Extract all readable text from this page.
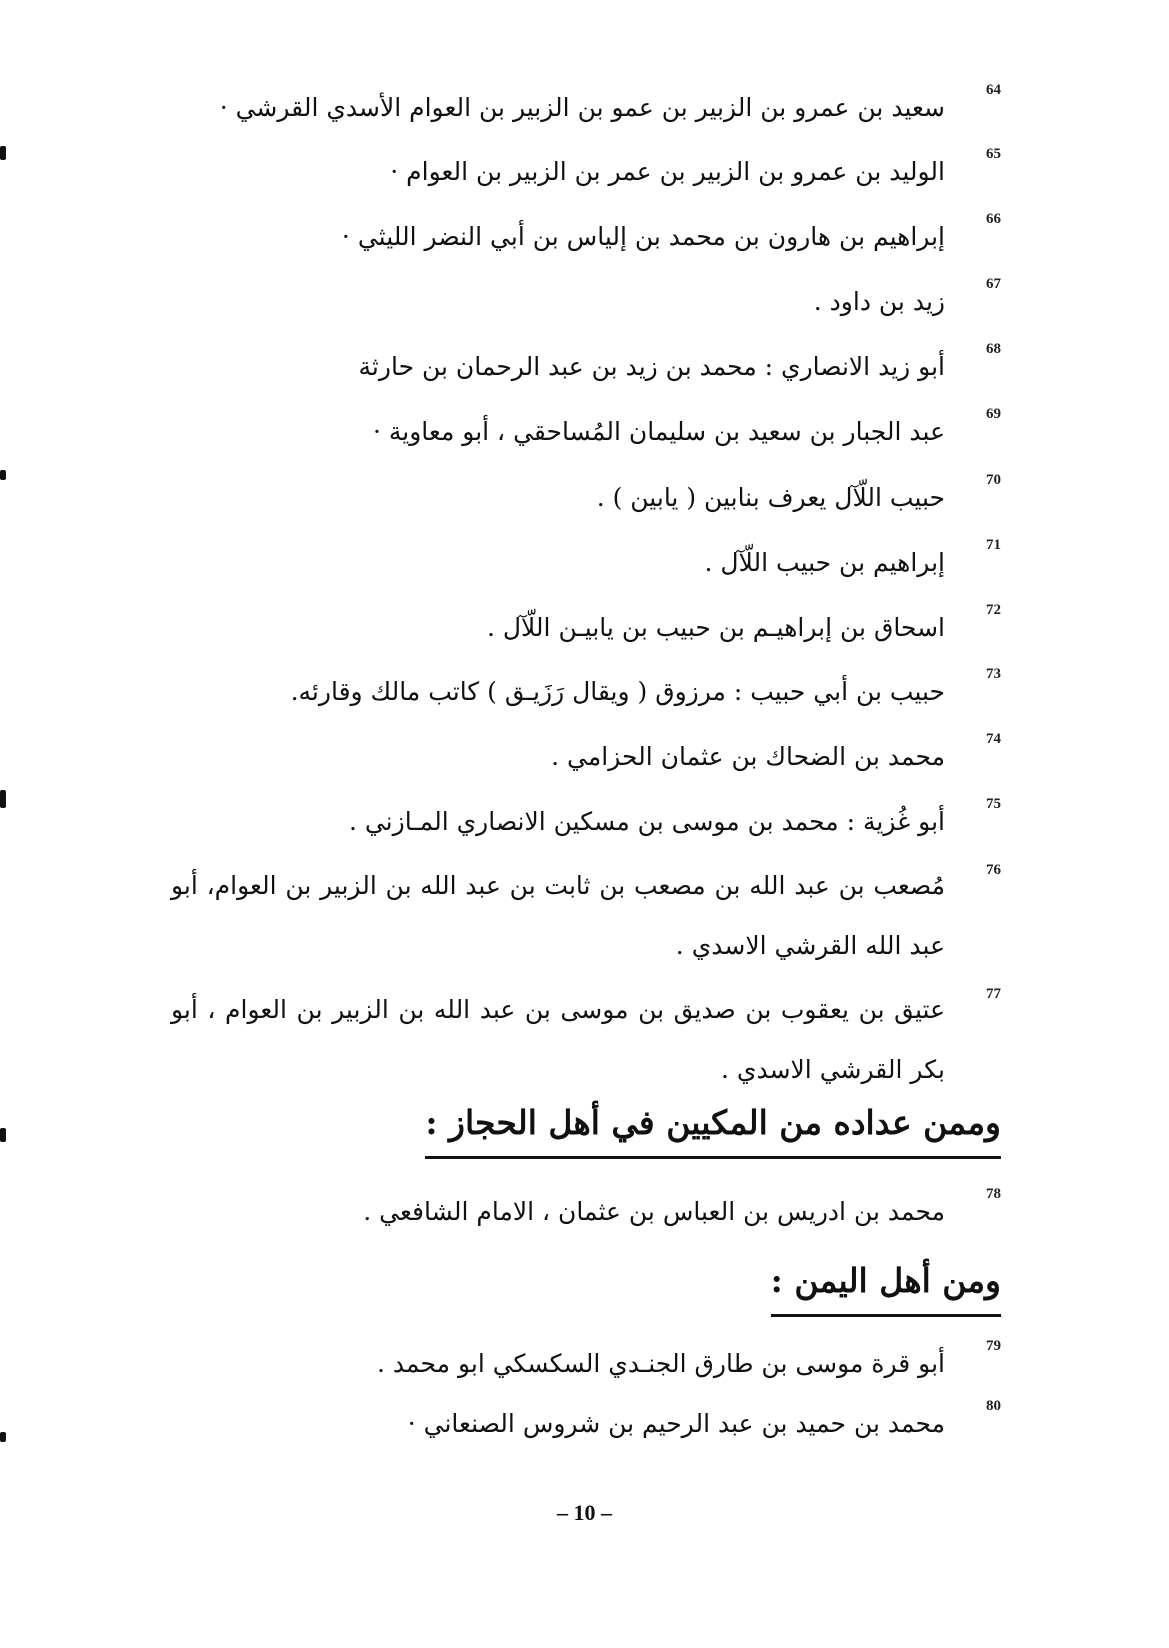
64
سعيد بن عمرو بن الزبير بن عمو بن الزبير بن العوام الأسدي القرشي ·
65
الوليد بن عمرو بن الزبير بن عمر بن الزبير بن العوام ·
66
إبراهيم بن هارون بن محمد بن إلياس بن أبي النضر الليثي ·
67
زيد بن داود .
68
أبو زيد الانصاري : محمد بن زيد بن عبد الرحمان بن حارثة
69
عبد الجبار بن سعيد بن سليمان المُساحقي ، أبو معاوية ·
70
حبيب اللّآل يعرف بنابين ( يابين ) .
71
إبراهيم بن حبيب اللّآل .
72
اسحاق بن إبراهيـم بن حبيب بن يابيـن اللّآل .
73
حبيب بن أبي حبيب : مرزوق ( ويقال رَزَيـق ) كاتب مالك وقارئه.
74
محمد بن الضحاك بن عثمان الحزامي .
75
أبو غُزية : محمد بن موسى بن مسكين الانصاري المـازني .
76
مُصعب بن عبد الله بن مصعب بن ثابت بن عبد الله بن الزبير بن العوام، أبو عبد الله القرشي الاسدي .
77
عتيق بن يعقوب بن صديق بن موسى بن عبد الله بن الزبير بن العوام ، أبو بكر القرشي الاسدي .
وممن عداده من المكيين في أهل الحجاز :
78
محمد بن ادريس بن العباس بن عثمان ، الامام الشافعي .
ومن أهل اليمن :
79
أبو قرة موسى بن طارق الجنـدي السكسكي ابو محمد .
80
محمد بن حميد بن عبد الرحيم بن شروس الصنعاني ·
– 10 –
